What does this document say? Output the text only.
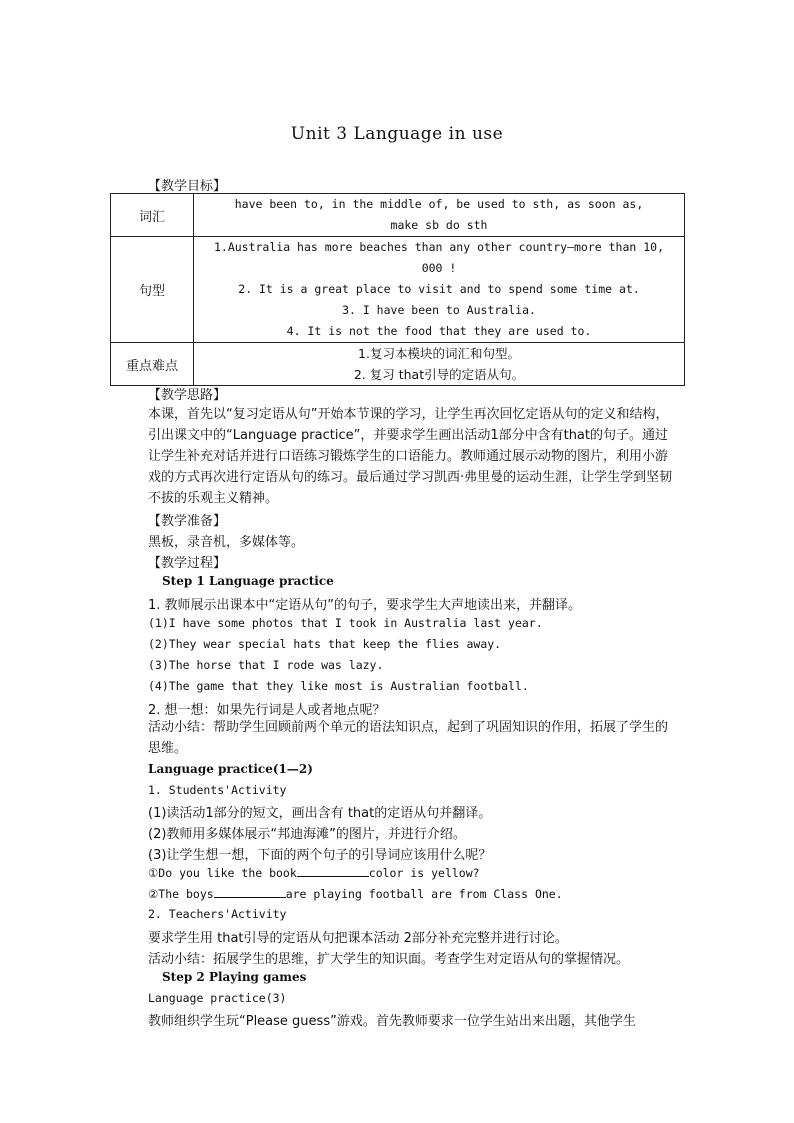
Unit 3 Language in use
【教学目标】
词汇	have been to, in the middle of, be used to sth, as soon as,
make sb do sth

句型	1.Australia has more beaches than any other country—more than 10,
000 !
2. It is a great place to visit and to spend some time at.
3. I have been to Australia.
4. It is not the food that they are used to.

重点难点	1.复习本模块的词汇和句型。
2. 复习 that引导的定语从句。
【教学思路】
本课，首先以“复习定语从句”开始本节课的学习，让学生再次回忆定语从句的定义和结构，引出课文中的“Language practice”，并要求学生画出活动1部分中含有that的句子。通过让学生补充对话并进行口语练习锻炼学生的口语能力。教师通过展示动物的图片，利用小游戏的方式再次进行定语从句的练习。最后通过学习凯西·弗里曼的运动生涯，让学生学到坚韧不拔的乐观主义精神。
【教学准备】
黑板，录音机，多媒体等。
【教学过程】
Step 1 Language practice
1. 教师展示出课本中“定语从句”的句子，要求学生大声地读出来，并翻译。
(1)I have some photos that I took in Australia last year.
(2)They wear special hats that keep the flies away.
(3)The horse that I rode was lazy.
(4)The game that they like most is Australian football.
2. 想一想：如果先行词是人或者地点呢？
活动小结：帮助学生回顾前两个单元的语法知识点，起到了巩固知识的作用，拓展了学生的思维。
Language practice(1—2)
1. Students'Activity
(1)读活动1部分的短文，画出含有 that的定语从句并翻译。
(2)教师用多媒体展示“邦迪海滩”的图片，并进行介绍。
(3)让学生想一想，下面的两个句子的引导词应该用什么呢？
①Do you like the book	color is yellow?
②The boys	are playing football are from Class One.
2. Teachers'Activity
要求学生用 that引导的定语从句把课本活动 2部分补充完整并进行讨论。
活动小结：拓展学生的思维，扩大学生的知识面。考查学生对定语从句的掌握情况。
Step 2 Playing games
Language practice(3)
教师组织学生玩“Please guess”游戏。首先教师要求一位学生站出来出题，其他学生
